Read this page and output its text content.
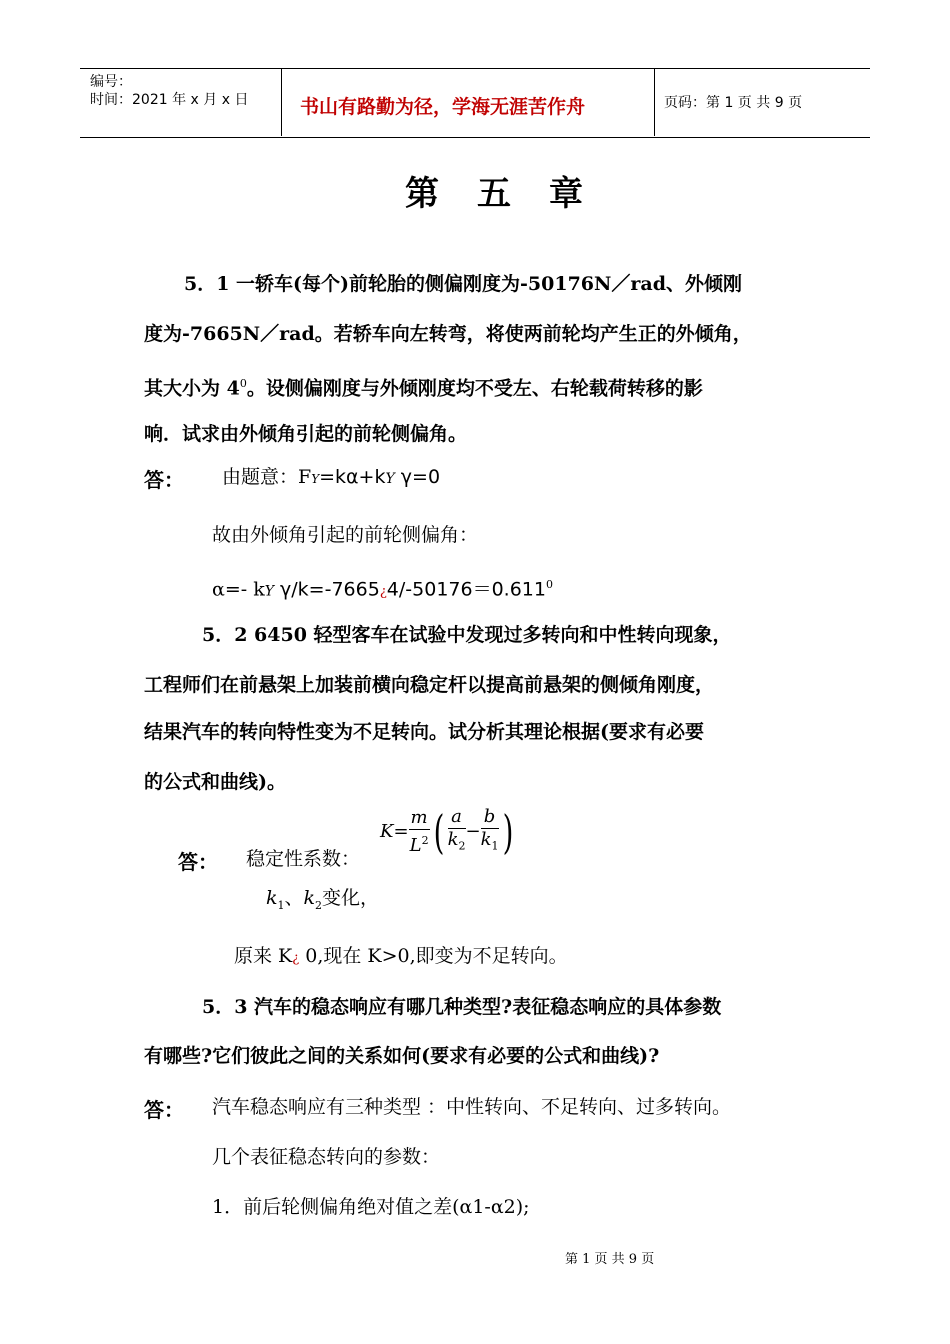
编号：
时间：2021 年 x 月 x 日	书山有路勤为径，学海无涯苦作舟	页码：第 1 页 共 9 页
第五章
5．1 一轿车(每个)前轮胎的侧偏刚度为-50176N／rad、外倾刚
度为-7665N／rad。若轿车向左转弯，将使两前轮均产生正的外倾角，
其大小为 $4^0$。设侧偏刚度与外倾刚度均不受左、右轮载荷转移的影
响．试求由外倾角引起的前轮侧偏角。
答： 由题意：FY=kα+kY γ=0
故由外倾角引起的前轮侧偏角：
α=- kY $\gamma/k=-7665¿4/-50176=0.611^0$
5．2 6450 轻型客车在试验中发现过多转向和中性转向现象，
工程师们在前悬架上加装前横向稳定杆以提高前悬架的侧倾角刚度，
结果汽车的转向特性变为不足转向。试分析其理论根据(要求有必要
的公式和曲线)。
答： 稳定性系数：
$K= \frac{m}{L^2}$ ( $\frac{a}{k_2} - \frac{b}{k_1}$ )
$k_1$、$k_2$变化，
原来 K¿ 0,现在 K>0,即变为不足转向。
5．3 汽车的稳态响应有哪几种类型?表征稳态响应的具体参数
有哪些?它们彼此之间的关系如何(要求有必要的公式和曲线)?
答： 汽车稳态响应有三种类型 ：中性转向、不足转向、过多转向。
几个表征稳态转向的参数：
1．前后轮侧偏角绝对值之差(α1-α2);
第 1 页 共 9 页
